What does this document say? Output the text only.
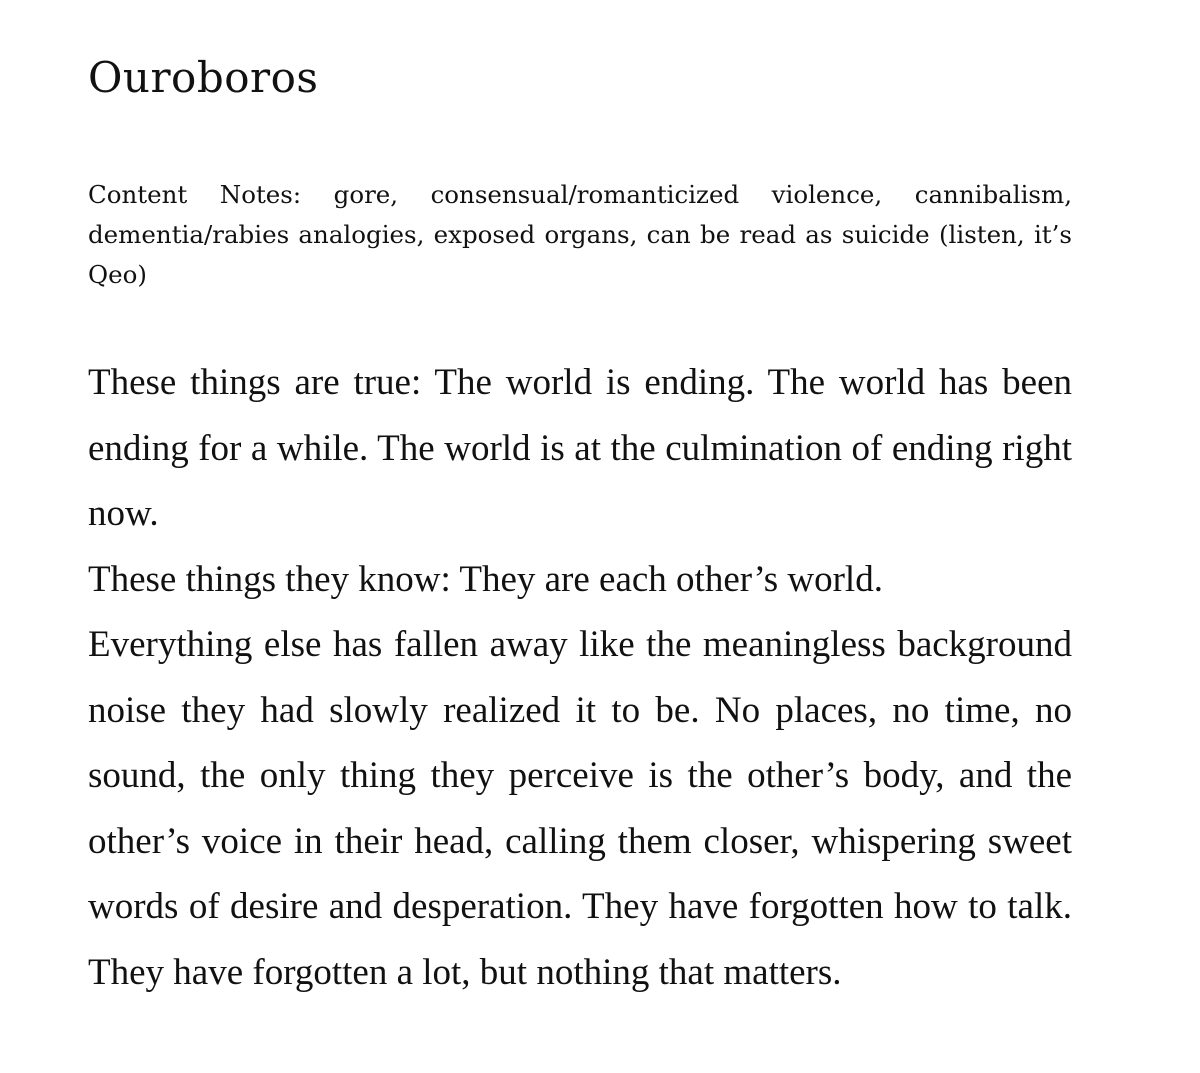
Ouroboros

Content Notes: gore, consensual/romanticized violence, cannibalism, dementia/rabies analogies, exposed organs, can be read as suicide (listen, it’s Qeo)

These things are true: The world is ending. The world has been ending for a while. The world is at the culmination of ending right now.

These things they know: They are each other’s world.

Everything else has fallen away like the meaningless background noise they had slowly realized it to be. No places, no time, no sound, the only thing they perceive is the other’s body, and the other’s voice in their head, calling them closer, whispering sweet words of desire and desperation. They have forgotten how to talk. They have forgotten a lot, but nothing that matters.
